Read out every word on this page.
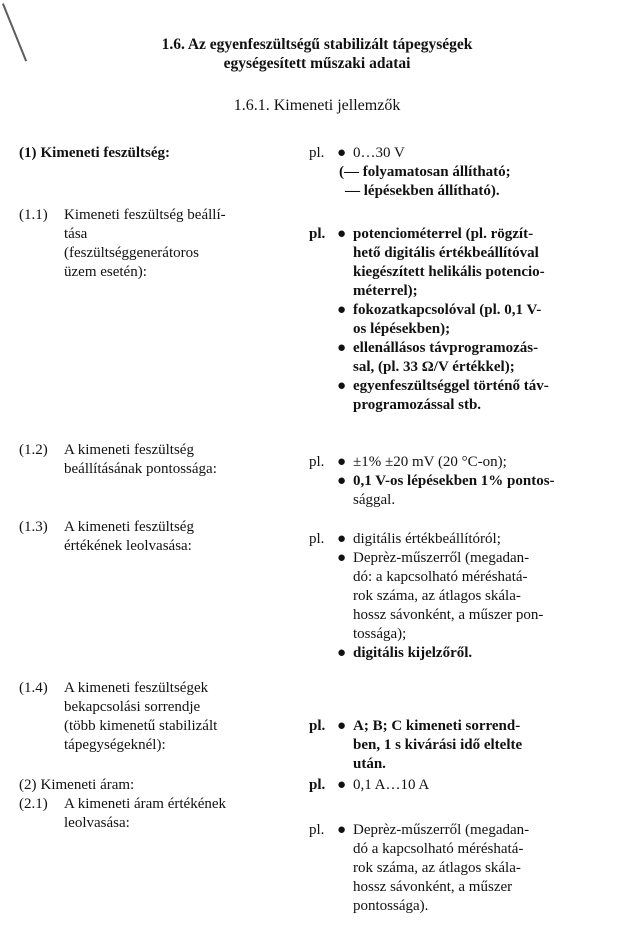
1.6. Az egyenfeszültségű stabilizált tápegységek
egységesített műszaki adatai
1.6.1. Kimeneti jellemzők
(1) Kimeneti feszültség:	pl. ● 0…30 V
(— folyamatosan állítható;
— lépésekben állítható).
(1.1) Kimeneti feszültség beállí-
tása
(feszültséggenerátoros
üzem esetén):
pl. ● potenciométerrel (pl. rögzít-
hető digitális értékbeállítóval
kiegészített helikális potencio-
méterrel);
● fokozatkapcsolóval (pl. 0,1 V-
os lépésekben);
● ellenállásos távprogramozás-
sal, (pl. 33 Ω/V értékkel);
● egyenfeszültséggel történő táv-
programozással stb.
(1.2) A kimeneti feszültség
beállításának pontossága:	pl. ● ±1% ±20 mV (20 °C-on);
● 0,1 V-os lépésekben 1% pontos-
sággal.
(1.3) A kimeneti feszültség
értékének leolvasása:	pl. ● digitális értékbeállítóról;
● Deprèz-műszerről (megadan-
dó: a kapcsolható méréshatá-
rok száma, az átlagos skála-
hossz sávonként, a műszer pon-
tossága);
● digitális kijelzőről.
(1.4) A kimeneti feszültségek
bekapcsolási sorrendje
(több kimenetű stabilizált
tápegységeknél):
pl. ● A; B; C kimeneti sorrend-
ben, 1 s kivárási idő eltelte
után.
(2) Kimeneti áram:	pl. ● 0,1 A…10 A
(2.1) A kimeneti áram értékének
leolvasása:	pl. ● Deprèz-műszerről (megadan-
dó a kapcsolható méréshatá-
rok száma, az átlagos skála-
hossz sávonként, a műszer
pontossága).
